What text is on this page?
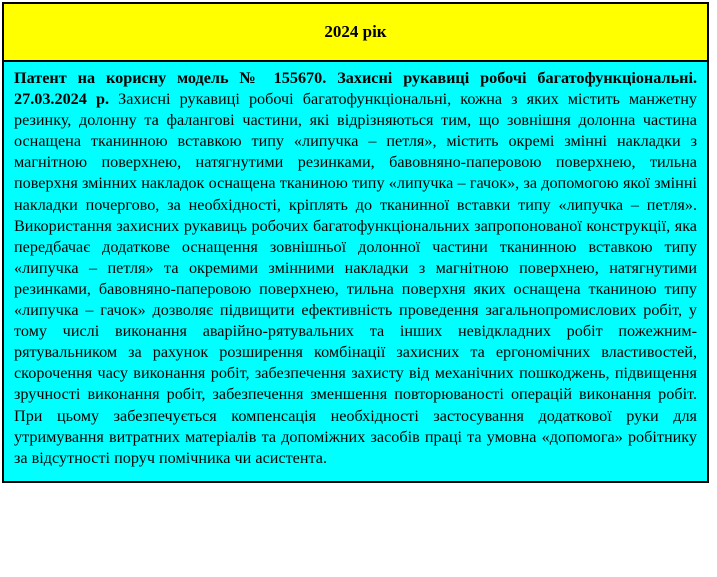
2024 рік

Патент на корисну модель № 155670. Захисні рукавиці робочі багатофункціональні. 27.03.2024 р. Захисні рукавиці робочі багатофункціональні, кожна з яких містить манжетну резинку, долонну та фалангові частини, які відрізняються тим, що зовнішня долонна частина оснащена тканинною вставкою типу «липучка – петля», містить окремі змінні накладки з магнітною поверхнею, натягнутими резинками, бавовняно-паперовою поверхнею, тильна поверхня змінних накладок оснащена тканиною типу «липучка – гачок», за допомогою якої змінні накладки почергово, за необхідності, кріплять до тканинної вставки типу «липучка – петля». Використання захисних рукавиць робочих багатофункціональних запропонованої конструкції, яка передбачає додаткове оснащення зовнішньої долонної частини тканинною вставкою типу «липучка – петля» та окремими змінними накладки з магнітною поверхнею, натягнутими резинками, бавовняно-паперовою поверхнею, тильна поверхня яких оснащена тканиною типу «липучка – гачок» дозволяє підвищити ефективність проведення загальнопромислових робіт, у тому числі виконання аварійно-рятувальних та інших невідкладних робіт пожежним-рятувальником за рахунок розширення комбінації захисних та ергономічних властивостей, скорочення часу виконання робіт, забезпечення захисту від механічних пошкоджень, підвищення зручності виконання робіт, забезпечення зменшення повторюваності операцій виконання робіт. При цьому забезпечується компенсація необхідності застосування додаткової руки для утримування витратних матеріалів та допоміжних засобів праці та умовна «допомога» робітнику за відсутності поруч помічника чи асистента.
